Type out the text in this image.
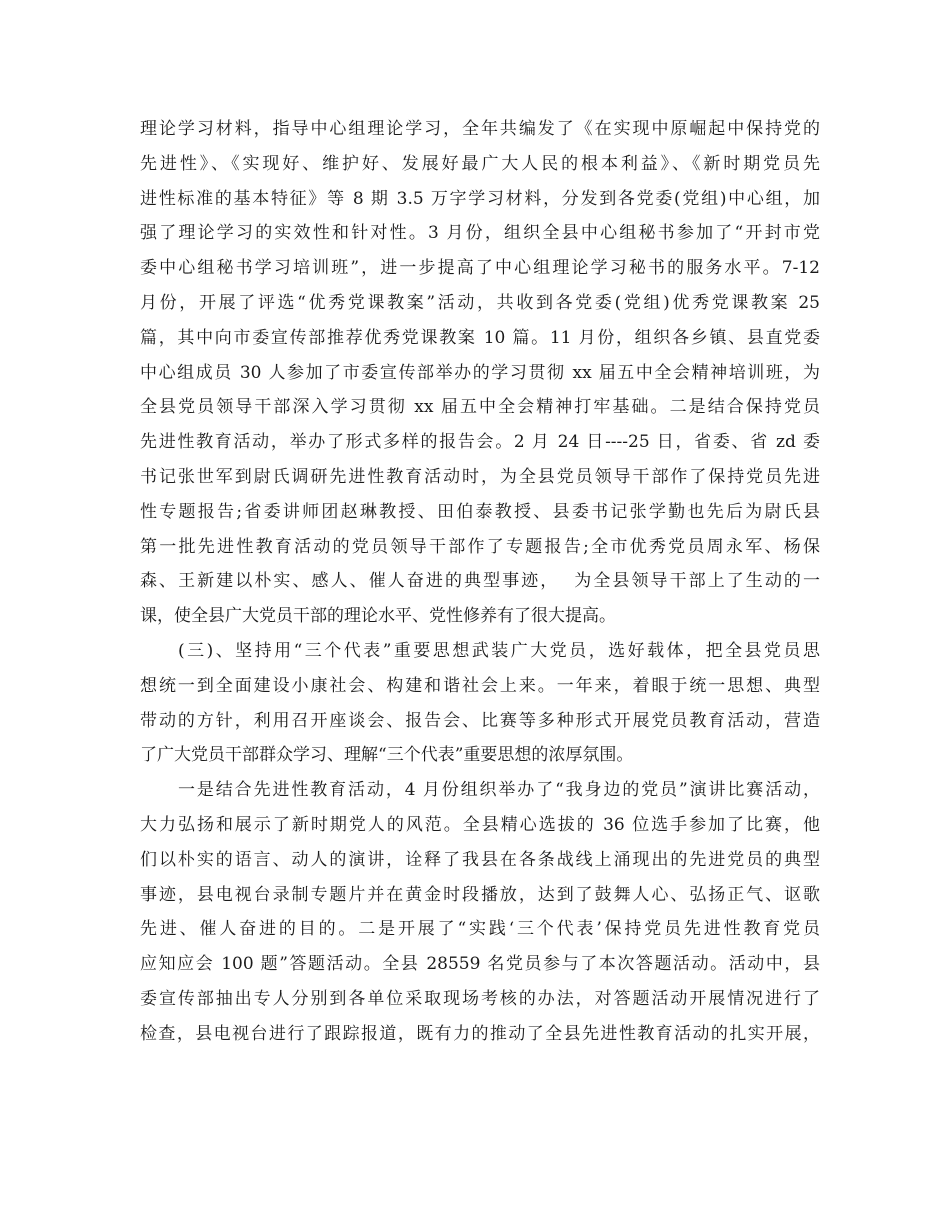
理论学习材料，指导中心组理论学习，全年共编发了《在实现中原崛起中保持党的
先进性》、《实现好、维护好、发展好最广大人民的根本利益》、《新时期党员先
进性标准的基本特征》等 8 期 3.5 万字学习材料，分发到各党委(党组)中心组，加
强了理论学习的实效性和针对性。3 月份，组织全县中心组秘书参加了“开封市党
委中心组秘书学习培训班”，进一步提高了中心组理论学习秘书的服务水平。7-12
月份，开展了评选“优秀党课教案”活动，共收到各党委(党组)优秀党课教案 25
篇，其中向市委宣传部推荐优秀党课教案 10 篇。11 月份，组织各乡镇、县直党委
中心组成员 30 人参加了市委宣传部举办的学习贯彻 xx 届五中全会精神培训班，为
全县党员领导干部深入学习贯彻 xx 届五中全会精神打牢基础。二是结合保持党员
先进性教育活动，举办了形式多样的报告会。2 月 24 日----25 日，省委、省 zd 委
书记张世军到尉氏调研先进性教育活动时，为全县党员领导干部作了保持党员先进
性专题报告;省委讲师团赵琳教授、田伯泰教授、县委书记张学勤也先后为尉氏县
第一批先进性教育活动的党员领导干部作了专题报告;全市优秀党员周永军、杨保
森、王新建以朴实、感人、催人奋进的典型事迹，  为全县领导干部上了生动的一
课，使全县广大党员干部的理论水平、党性修养有了很大提高。
(三)、坚持用“三个代表”重要思想武装广大党员，选好载体，把全县党员思
想统一到全面建设小康社会、构建和谐社会上来。一年来，着眼于统一思想、典型
带动的方针，利用召开座谈会、报告会、比赛等多种形式开展党员教育活动，营造
了广大党员干部群众学习、理解“三个代表”重要思想的浓厚氛围。
一是结合先进性教育活动，4 月份组织举办了“我身边的党员”演讲比赛活动，
大力弘扬和展示了新时期党人的风范。全县精心选拔的 36 位选手参加了比赛，他
们以朴实的语言、动人的演讲，诠释了我县在各条战线上涌现出的先进党员的典型
事迹，县电视台录制专题片并在黄金时段播放，达到了鼓舞人心、弘扬正气、讴歌
先进、催人奋进的目的。二是开展了“实践‘三个代表’保持党员先进性教育党员
应知应会 100 题”答题活动。全县 28559 名党员参与了本次答题活动。活动中，县
委宣传部抽出专人分别到各单位采取现场考核的办法，对答题活动开展情况进行了
检查，县电视台进行了跟踪报道，既有力的推动了全县先进性教育活动的扎实开展，
